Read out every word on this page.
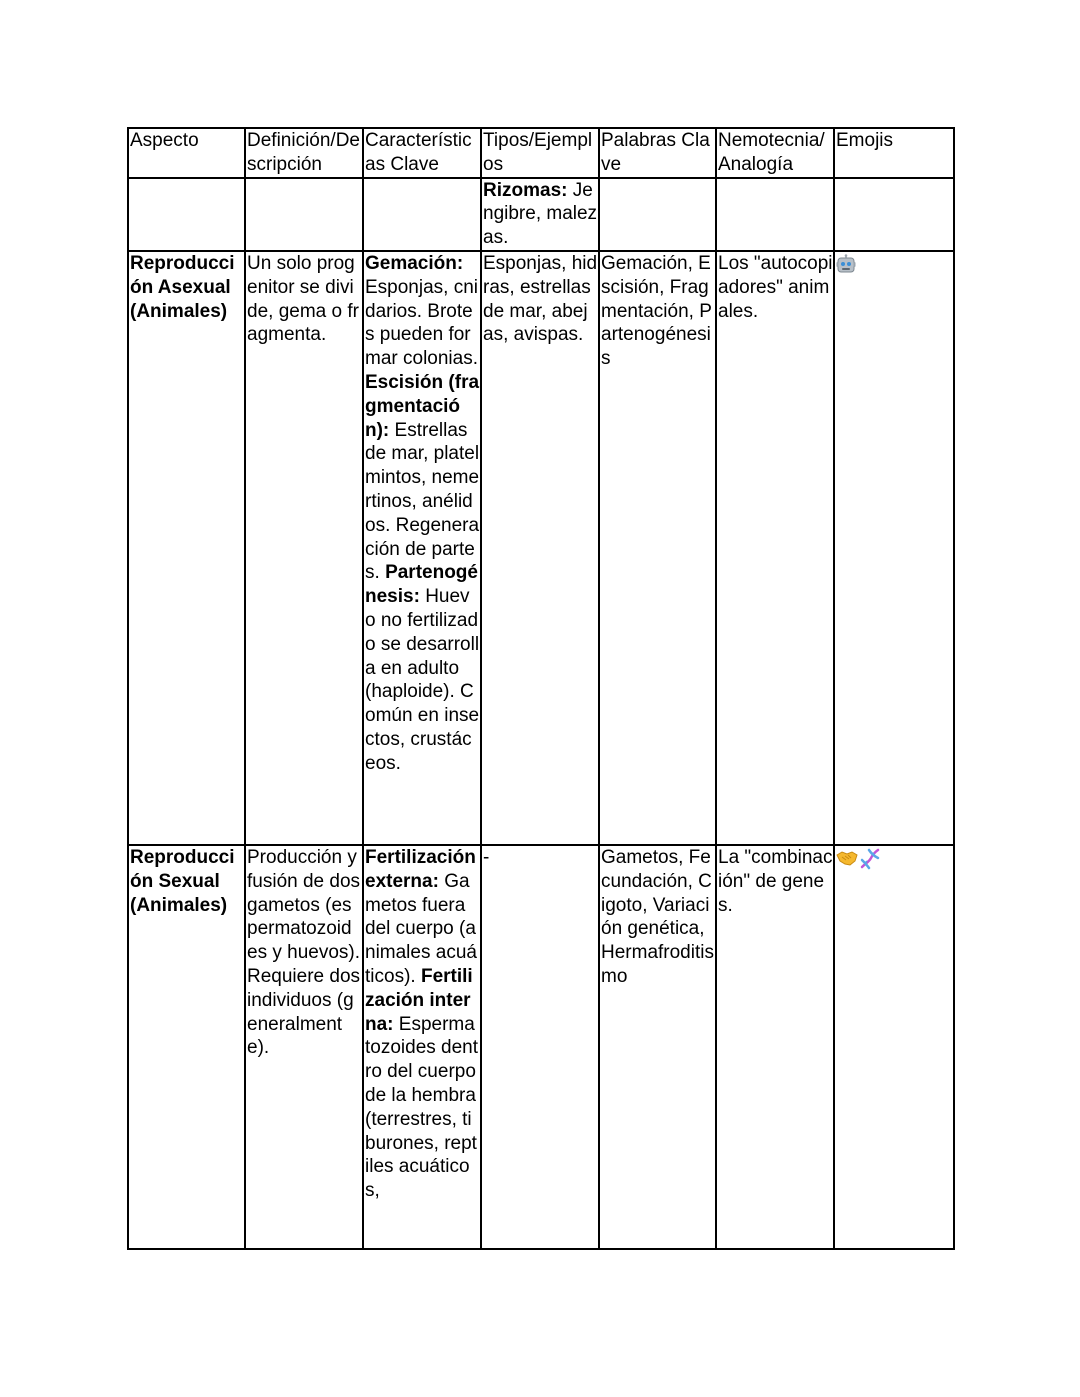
Aspecto	Definición/Descripción	Características Clave	Tipos/Ejemplos	Palabras Clave	Nemotecnia/Analogía	Emojis
			Rizomas: Jengibre, malezas.			
Reproducción Asexual (Animales)	Un solo progenitor se divide, gema o fragmenta.	Gemación: Esponjas, cnidarios. Brotes pueden formar colonias. Escisión (fragmentación): Estrellas de mar, platelmintos, nemertinos, anélidos. Regeneración de partes. Partenogénesis: Huevo no fertilizado se desarrolla en adulto (haploide). Común en insectos, crustáceos.	Esponjas, hidras, estrellas de mar, abejas, avispas.	Gemación, Escisión, Fragmentación, Partenogénesis	Los "autocopiadores" animales.	
Reproducción Sexual (Animales)	Producción y fusión de dos gametos (espermatozoides y huevos). Requiere dos individuos (generalmente).	Fertilización externa: Gametos fuera del cuerpo (animales acuáticos). Fertilización interna: Espermatozoides dentro del cuerpo de la hembra (terrestres, tiburones, reptiles acuáticos,	-	Gametos, Fecundación, Cigoto, Variación genética, Hermafroditismo	La "combinación" de genes.	
